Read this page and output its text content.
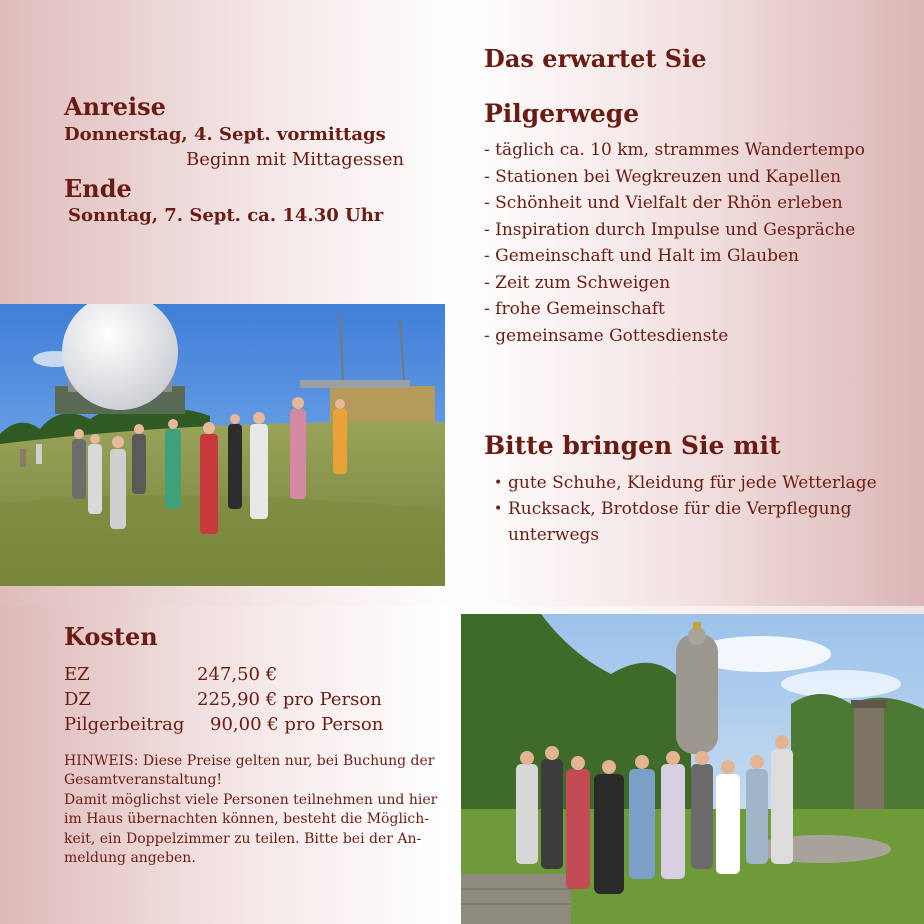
Anreise
Donnerstag, 4. Sept. vormittags
Beginn mit Mittagessen
Ende
Sonntag, 7. Sept. ca. 14.30 Uhr
Das erwartet Sie
Pilgerwege
- täglich ca. 10 km, strammes Wandertempo
- Stationen bei Wegkreuzen und Kapellen
- Schönheit und Vielfalt der Rhön erleben
- Inspiration durch Impulse und Gespräche
- Gemeinschaft und Halt im Glauben
- Zeit zum Schweigen
- frohe Gemeinschaft
- gemeinsame Gottesdienste
Bitte bringen Sie mit
• gute Schuhe, Kleidung für jede Wetterlage
• Rucksack, Brotdose für die Verpflegung unterwegs
Kosten
EZ	247,50 €
DZ	225,90 € pro Person
Pilgerbeitrag 90,00 € pro Person
HINWEIS: Diese Preise gelten nur, bei Buchung der Gesamtveranstaltung!
Damit möglichst viele Personen teilnehmen und hier im Haus übernachten können, besteht die Möglich-keit, ein Doppelzimmer zu teilen. Bitte bei der An-meldung angeben.
